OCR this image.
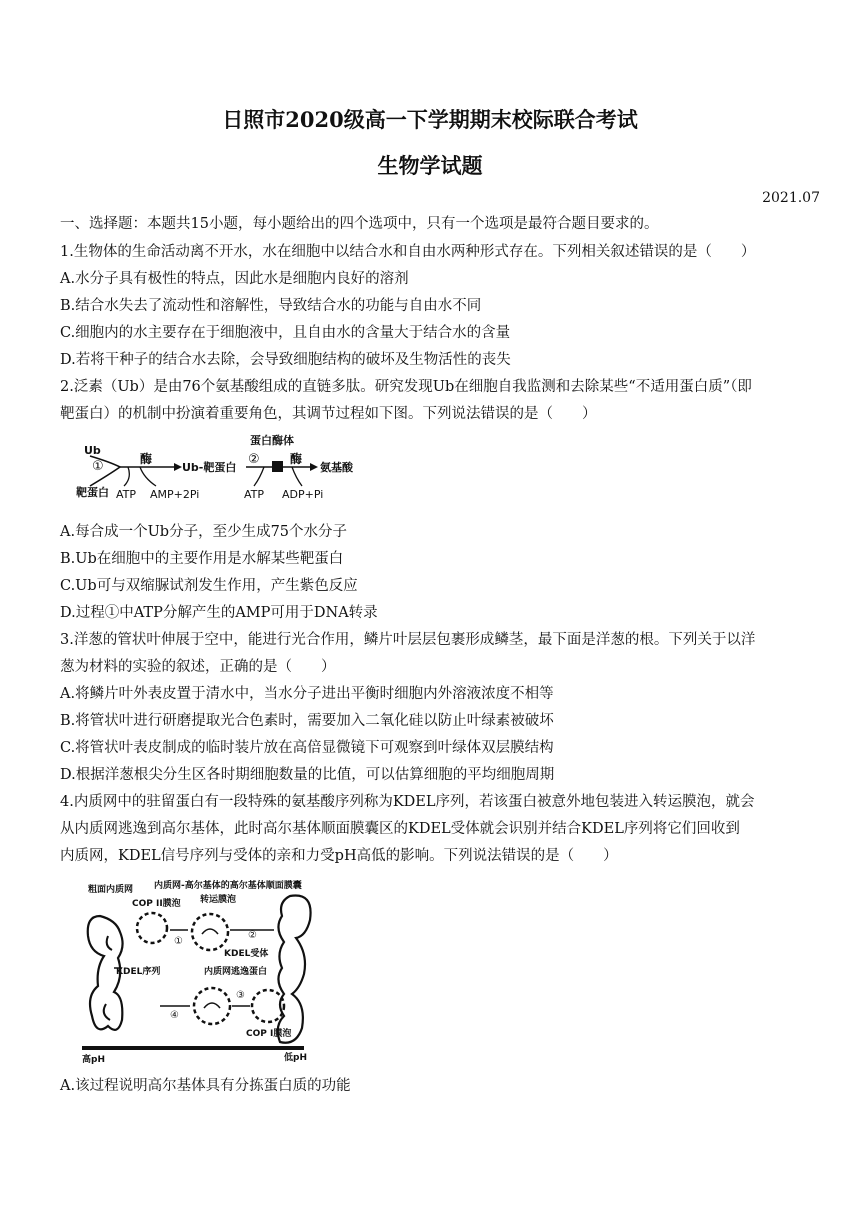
日照市2020级高一下学期期末校际联合考试
生物学试题
2021.07
一、选择题：本题共15小题，每小题给出的四个选项中，只有一个选项是最符合题目要求的。
1.生物体的生命活动离不开水，水在细胞中以结合水和自由水两种形式存在。下列相关叙述错误的是（　　）
A.水分子具有极性的特点，因此水是细胞内良好的溶剂
B.结合水失去了流动性和溶解性，导致结合水的功能与自由水不同
C.细胞内的水主要存在于细胞液中，且自由水的含量大于结合水的含量
D.若将干种子的结合水去除，会导致细胞结构的破坏及生物活性的丧失
2.泛素（Ub）是由76个氨基酸组成的直链多肽。研究发现Ub在细胞自我监测和去除某些“不适用蛋白质”（即
靶蛋白）的机制中扮演着重要角色，其调节过程如下图。下列说法错误的是（　　）
Ub
①
靶蛋白
酶
ATP AMP+2Pi
Ub-靶蛋白
蛋白酶体
②	酶
ATP ADP+Pi
氨基酸
A.每合成一个Ub分子，至少生成75个水分子
B.Ub在细胞中的主要作用是水解某些靶蛋白
C.Ub可与双缩脲试剂发生作用，产生紫色反应
D.过程①中ATP分解产生的AMP可用于DNA转录
3.洋葱的管状叶伸展于空中，能进行光合作用，鳞片叶层层包裹形成鳞茎，最下面是洋葱的根。下列关于以洋
葱为材料的实验的叙述，正确的是（　　）
A.将鳞片叶外表皮置于清水中，当水分子进出平衡时细胞内外溶液浓度不相等
B.将管状叶进行研磨提取光合色素时，需要加入二氧化硅以防止叶绿素被破坏
C.将管状叶表皮制成的临时装片放在高倍显微镜下可观察到叶绿体双层膜结构
D.根据洋葱根尖分生区各时期细胞数量的比值，可以估算细胞的平均细胞周期
4.内质网中的驻留蛋白有一段特殊的氨基酸序列称为KDEL序列，若该蛋白被意外地包装进入转运膜泡，就会
从内质网逃逸到高尔基体，此时高尔基体顺面膜囊区的KDEL受体就会识别并结合KDEL序列将它们回收到
内质网，KDEL信号序列与受体的亲和力受pH高低的影响。下列说法错误的是（　　）
粗面内质网 内质网-高尔基体的高尔基体顺面膜囊
COP II膜泡 转运膜泡
①
②
KDEL受体
KDEL序列	内质网逃逸蛋白
④
③
COP I膜泡
高pH	低pH
A.该过程说明高尔基体具有分拣蛋白质的功能
